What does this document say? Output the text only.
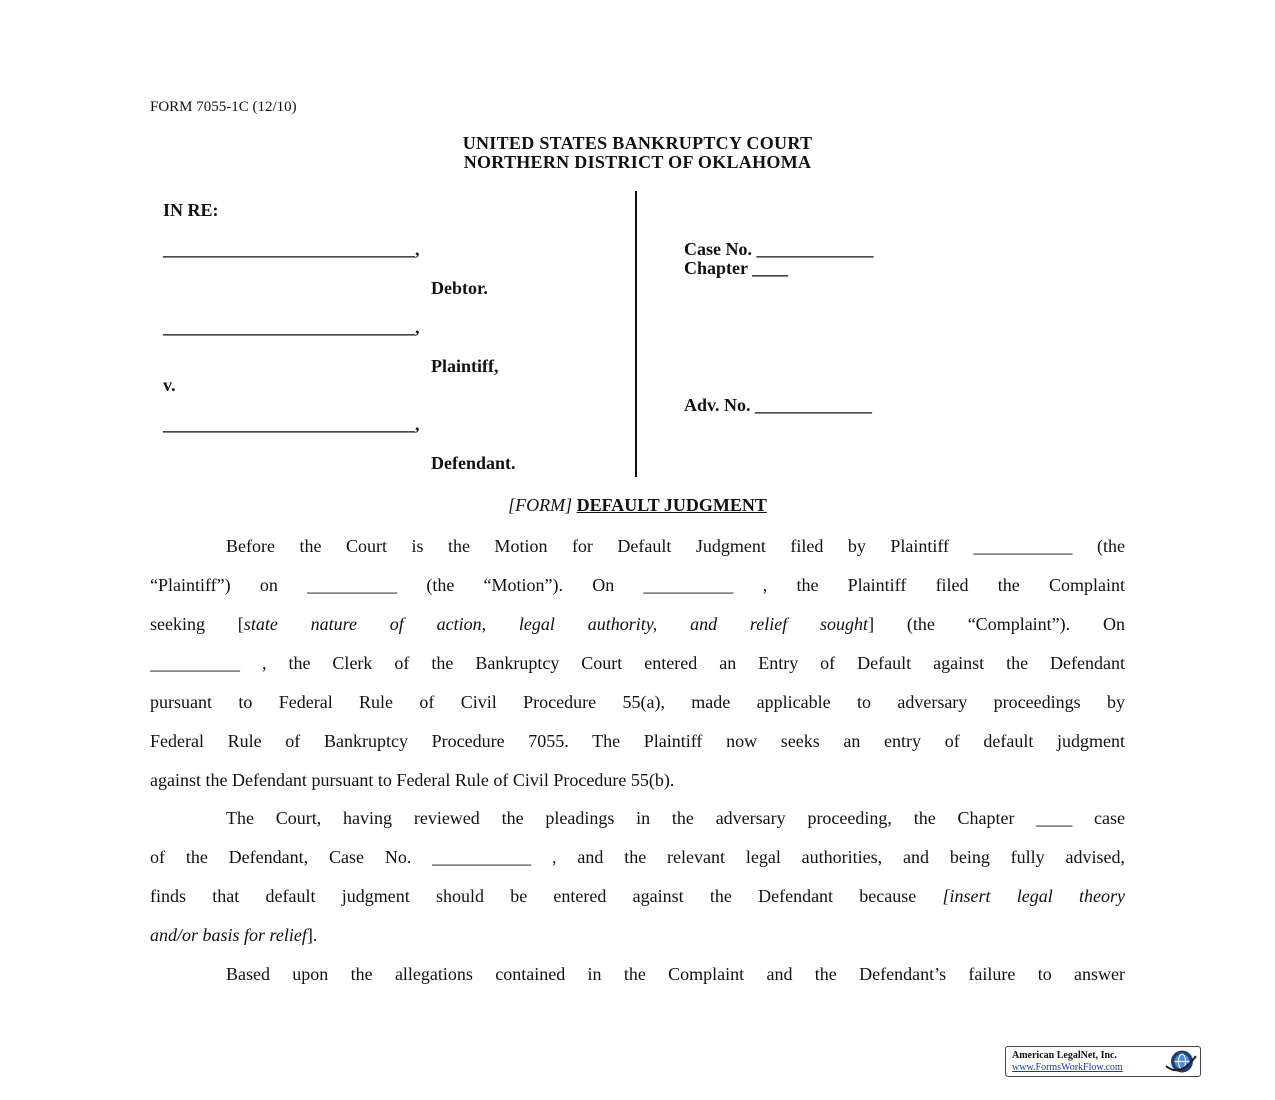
FORM 7055-1C (12/10)
UNITED STATES BANKRUPTCY COURT
NORTHERN DISTRICT OF OKLAHOMA
IN RE:
____________________________,
Debtor.
____________________________,
Plaintiff,
v.
____________________________,
Defendant.
Case No. _____________
Chapter ____
Adv. No. _____________
[FORM] DEFAULT JUDGMENT
Before the Court is the Motion for Default Judgment filed by Plaintiff ___________ (the
“Plaintiff”) on __________ (the “Motion”). On __________ , the Plaintiff filed the Complaint
seeking [state nature of action, legal authority, and relief sought] (the “Complaint”). On
__________ , the Clerk of the Bankruptcy Court entered an Entry of Default against the Defendant
pursuant to Federal Rule of Civil Procedure 55(a), made applicable to adversary proceedings by
Federal Rule of Bankruptcy Procedure 7055. The Plaintiff now seeks an entry of default judgment
against the Defendant pursuant to Federal Rule of Civil Procedure 55(b).
The Court, having reviewed the pleadings in the adversary proceeding, the Chapter ____ case
of the Defendant, Case No. ___________ , and the relevant legal authorities, and being fully advised,
finds that default judgment should be entered against the Defendant because [insert legal theory
and/or basis for relief].
Based upon the allegations contained in the Complaint and the Defendant’s failure to answer
American LegalNet, Inc.
www.FormsWorkFlow.com
